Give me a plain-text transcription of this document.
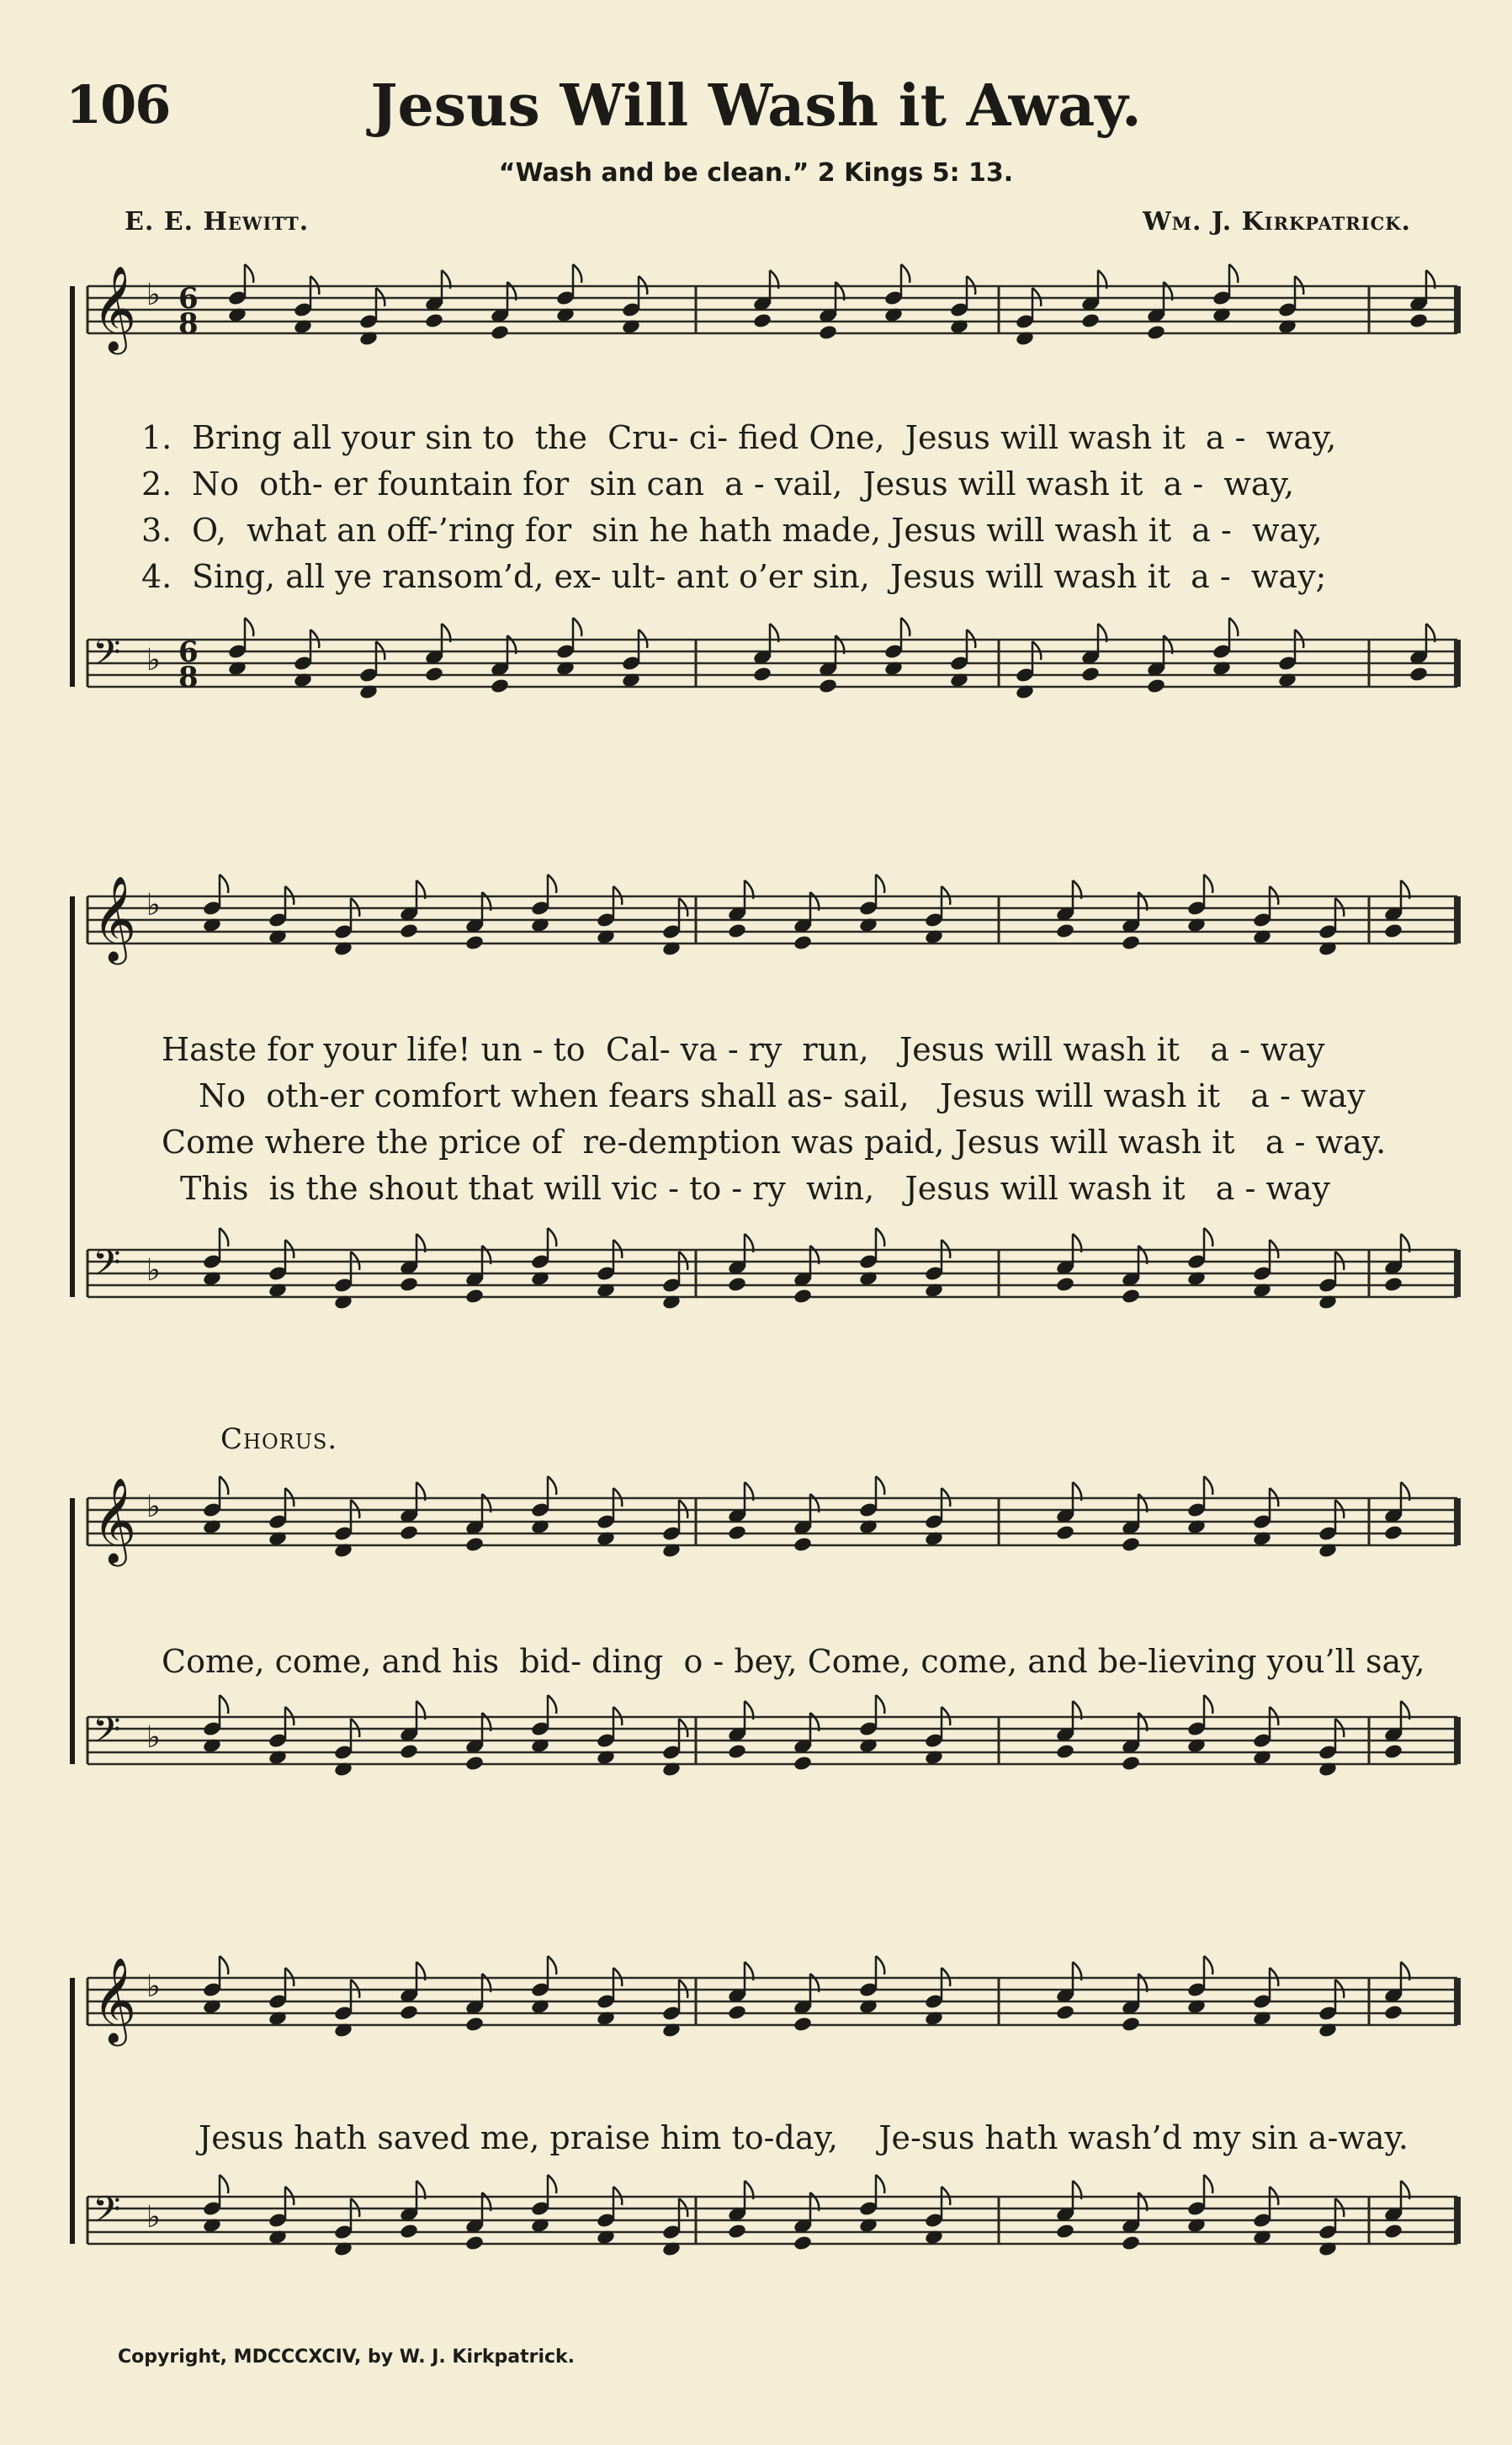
106	Jesus Will Wash it Away.
“Wash and be clean.” 2 Kings 5: 13.
E. E. Hewitt.	Wm. J. Kirkpatrick.
𝄞 ♭ 6
8
𝄢 ♭ 6
8
1. Bring all your sin to  the  Cru- ci- fied One,  Jesus will wash it  a -  way,
2. No  oth- er fountain for  sin can  a - vail,  Jesus will wash it  a -  way,
3. O,  what an off-’ring for  sin he hath made, Jesus will wash it  a -  way,
4. Sing, all ye ransom’d, ex- ult- ant o’er sin,  Jesus will wash it  a -  way;
𝄞 ♭
𝄢 ♭
Haste for your life! un - to  Cal- va - ry  run,   Jesus will wash it   a - way
No  oth-er comfort when fears shall as- sail,   Jesus will wash it   a - way
Come where the price of  re-demption was paid, Jesus will wash it   a - way.
This  is the shout that will vic - to - ry  win,   Jesus will wash it   a - way
Chorus.
𝄞 ♭
𝄢 ♭
Come, come, and his  bid- ding  o - bey, Come, come, and be-lieving you’ll say,
𝄞 ♭
𝄢 ♭
Jesus hath saved me, praise him to-day,    Je-sus hath wash’d my sin a-way.
Copyright, MDCCCXCIV, by W. J. Kirkpatrick.
